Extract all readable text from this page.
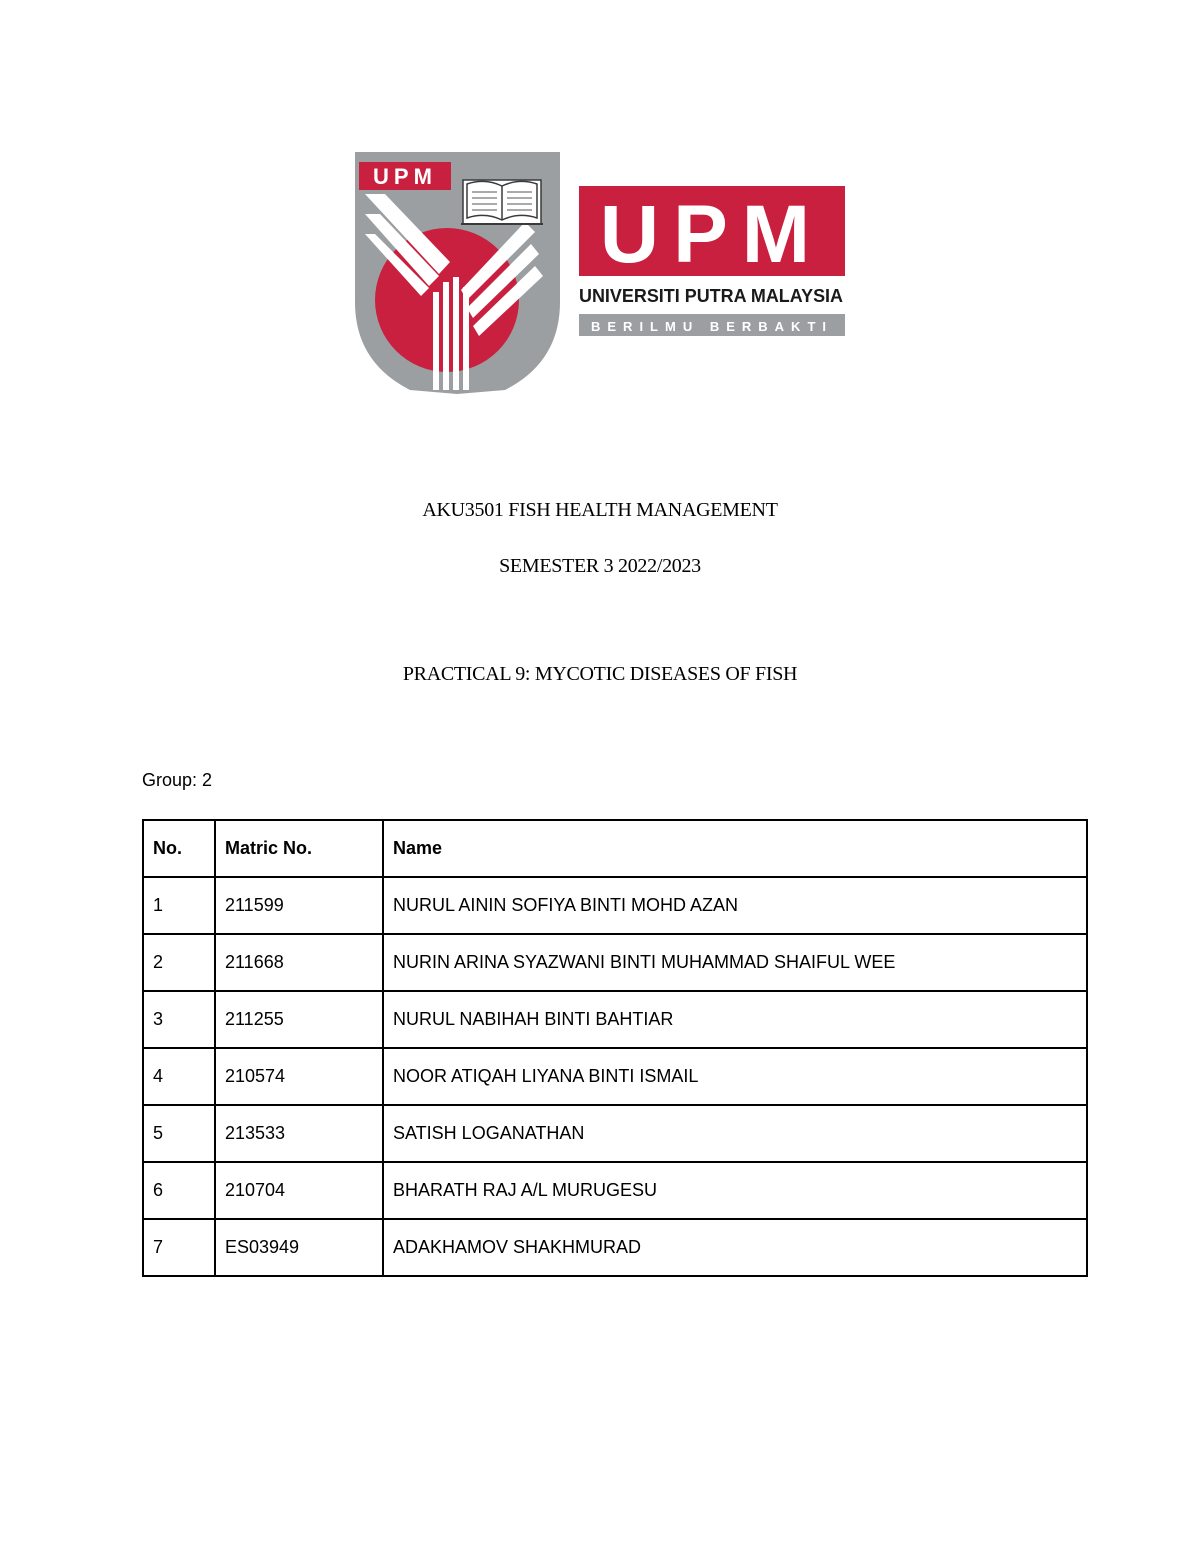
UPM
UPM
UNIVERSITI PUTRA MALAYSIA
BERILMU BERBAKTI
AKU3501 FISH HEALTH MANAGEMENT
SEMESTER 3 2022/2023
PRACTICAL 9: MYCOTIC DISEASES OF FISH
Group: 2
No.	Matric No.	Name
1	211599	NURUL AININ SOFIYA BINTI MOHD AZAN
2	211668	NURIN ARINA SYAZWANI BINTI MUHAMMAD SHAIFUL WEE
3	211255	NURUL NABIHAH BINTI BAHTIAR
4	210574	NOOR ATIQAH LIYANA BINTI ISMAIL
5	213533	SATISH LOGANATHAN
6	210704	BHARATH RAJ A/L MURUGESU
7	ES03949	ADAKHAMOV SHAKHMURAD
